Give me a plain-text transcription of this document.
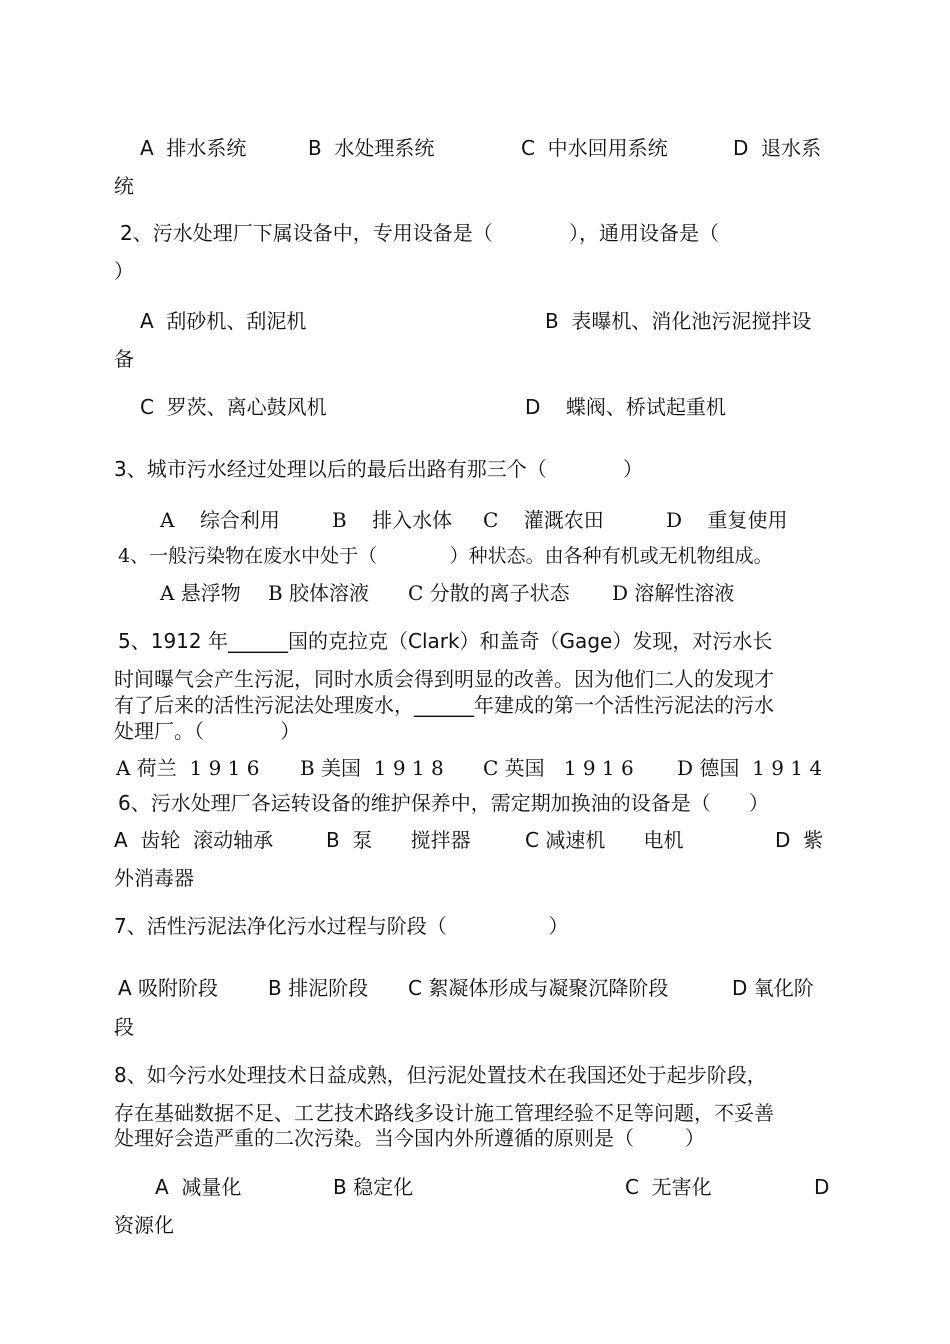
A  排水系统	B  水处理系统	C  中水回用系统	D  退水系
统
2、污水处理厂下属设备中，专用设备是（            ），通用设备是（
）
A  刮砂机、刮泥机	B  表曝机、消化池污泥搅拌设
备
C  罗茨、离心鼓风机	D    蝶阀、桥试起重机
3、城市污水经过处理以后的最后出路有那三个（            ）
A    综合利用	B    排入水体 C    灌溉农田	D    重复使用
4、一般污染物在废水中处于（            ）种状态。由各种有机或无机物组成。
A 悬浮物 B 胶体溶液 C 分散的离子状态 D 溶解性溶液
5、1912 年______国的克拉克（Clark）和盖奇（Gage）发现，对污水长
时间曝气会产生污泥，同时水质会得到明显的改善。因为他们二人的发现才
有了后来的活性污泥法处理废水，______年建成的第一个活性污泥法的污水
处理厂。（            ）
A 荷兰  1 9 1 6 B 美国  1 9 1 8 C 英国   1 9 1 6 D 德国  1 9 1 4
6、污水处理厂各运转设备的维护保养中，需定期加换油的设备是（      ）
A  齿轮  滚动轴承	B  泵      搅拌器	C 减速机      电机	D  紫
外消毒器
7、活性污泥法净化污水过程与阶段（                ）
A 吸附阶段 B 排泥阶段 C 絮凝体形成与凝聚沉降阶段	D 氧化阶
段
8、如今污水处理技术日益成熟，但污泥处置技术在我国还处于起步阶段，
存在基础数据不足、工艺技术路线多设计施工管理经验不足等问题，不妥善
处理好会造严重的二次污染。当今国内外所遵循的原则是（        ）
A  减量化	B 稳定化	C  无害化	D
资源化
